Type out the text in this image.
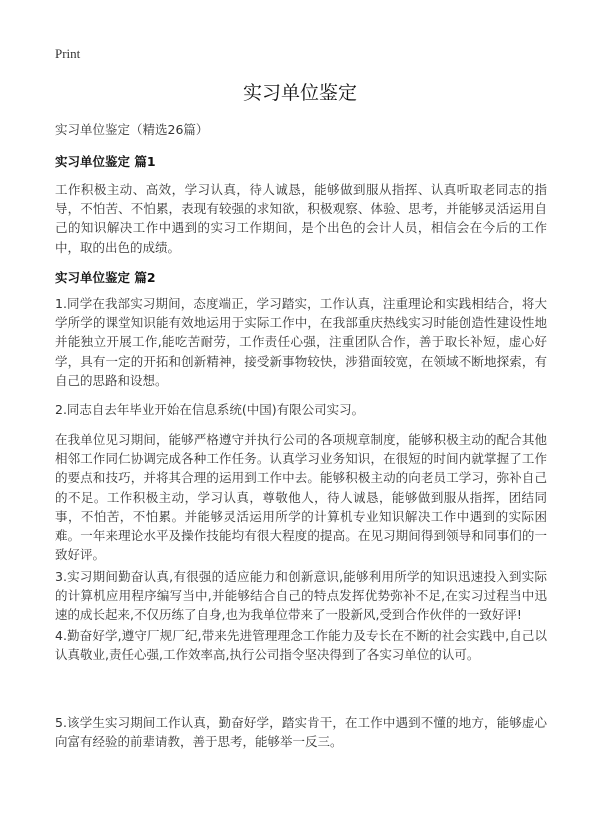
Print
实习单位鉴定
实习单位鉴定（精选26篇）
实习单位鉴定 篇1

工作积极主动、高效，学习认真，待人诚恳，能够做到服从指挥、认真听取老同志的指导，不怕苦、不怕累，表现有较强的求知欲，积极观察、体验、思考，并能够灵活运用自己的知识解决工作中遇到的实习工作期间，是个出色的会计人员，相信会在今后的工作中，取的出色的成绩。

实习单位鉴定 篇2

1.同学在我部实习期间，态度端正，学习踏实，工作认真，注重理论和实践相结合，将大学所学的课堂知识能有效地运用于实际工作中，在我部重庆热线实习时能创造性建设性地并能独立开展工作,能吃苦耐劳，工作责任心强，注重团队合作，善于取长补短，虚心好学，具有一定的开拓和创新精神，接受新事物较快，涉猎面较宽，在领域不断地探索，有自己的思路和设想。

2.同志自去年毕业开始在信息系统(中国)有限公司实习。

在我单位见习期间，能够严格遵守并执行公司的各项规章制度，能够积极主动的配合其他相邻工作同仁协调完成各种工作任务。认真学习业务知识，在很短的时间内就掌握了工作的要点和技巧，并将其合理的运用到工作中去。能够积极主动的向老员工学习，弥补自己的不足。工作积极主动，学习认真，尊敬他人，待人诚恳，能够做到服从指挥，团结同事，不怕苦，不怕累。并能够灵活运用所学的计算机专业知识解决工作中遇到的实际困难。一年来理论水平及操作技能均有很大程度的提高。在见习期间得到领导和同事们的一致好评。

3.实习期间勤奋认真,有很强的适应能力和创新意识,能够利用所学的知识迅速投入到实际的计算机应用程序编写当中,并能够结合自己的特点发挥优势弥补不足,在实习过程当中迅速的成长起来,不仅历练了自身,也为我单位带来了一股新风,受到合作伙伴的一致好评!

4.勤奋好学,遵守厂规厂纪,带来先进管理理念工作能力及专长在不断的社会实践中,自己以认真敬业,责任心强,工作效率高,执行公司指令坚决得到了各实习单位的认可。

5.该学生实习期间工作认真，勤奋好学，踏实肯干，在工作中遇到不懂的地方，能够虚心向富有经验的前辈请教，善于思考，能够举一反三。
